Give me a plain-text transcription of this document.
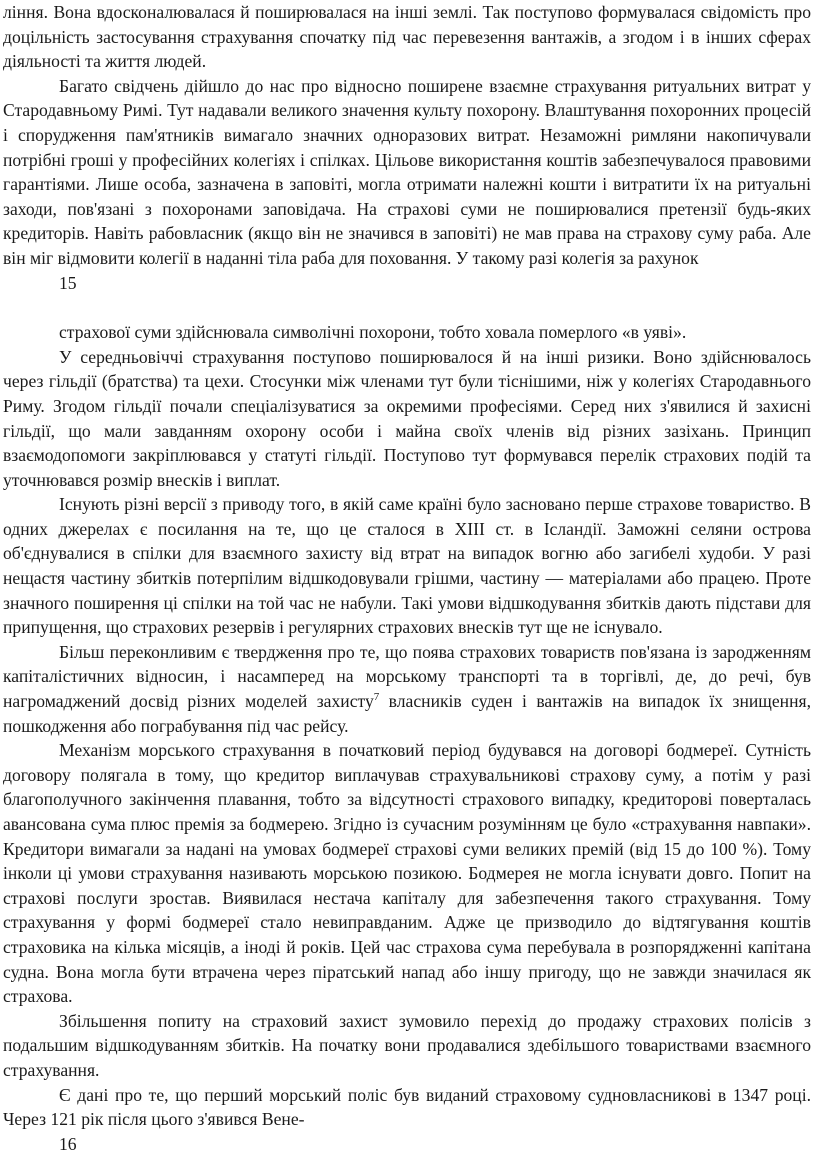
лiння. Вона вдосконалювалася й поширювалася на iншi землi. Так поступово формувалася свiдомiсть про доцiльнiсть застосування страхування спочатку пiд час перевезення вантажiв, а згодом i в iнших сферах дiяльностi та життя людей.

Багато свiдчень дiйшло до нас про вiдносно поширене взаємне страхування ритуальних витрат у Стародавньому Римi. Тут надавали великого значення культу похорону. Влаштування похоронних процесiй i спорудження пам'ятникiв вимагало значних одноразових витрат. Незаможнi римляни накопичували потрiбнi грошi у професiйних колегiях i спiлках. Цiльове використання коштiв забезпечувалося правовими гарантiями. Лише особа, зазначена в заповiтi, могла отримати належнi кошти i витратити їх на ритуальнi заходи, пов'язанi з похоронами заповiдача. На страховi суми не поширювалися претензiї будь-яких кредиторiв. Навiть рабовласник (якщо вiн не значився в заповiтi) не мав права на страхову суму раба. Але вiн мiг вiдмовити колегiї в наданнi тiла раба для поховання. У такому разi колегiя за рахунок

15

страхової суми здiйснювала символiчнi похорони, тобто ховала померлого «в уявi».

У середньовiччi страхування поступово поширювалося й на iншi ризики. Воно здiйснювалось через гiльдiї (братства) та цехи. Стосунки мiж членами тут були тiснiшими, нiж у колегiях Стародавнього Риму. Згодом гiльдiї почали спецiалiзуватися за окремими професiями. Серед них з'явилися й захиснi гiльдiї, що мали завданням охорону особи i майна своїх членiв вiд рiзних зазiхань. Принцип взаємодопомоги закрiплювався у статутi гiльдiї. Поступово тут формувався перелiк страхових подiй та уточнювався розмiр внескiв i виплат.

Iснують рiзнi версiї з приводу того, в якiй саме країнi було засновано перше страхове товариство. В одних джерелах є посилання на те, що це сталося в XIII ст. в Iсландiї. Заможнi селяни острова об'єднувалися в спiлки для взаємного захисту вiд втрат на випадок вогню або загибелi худоби. У разi нещастя частину збиткiв потерпiлим вiдшкодовували грiшми, частину — матерiалами або працею. Проте значного поширення цi спiлки на той час не набули. Такi умови вiдшкодування збиткiв дають пiдстави для припущення, що страхових резервiв i регулярних страхових внескiв тут ще не iснувало.

Бiльш переконливим є твердження про те, що поява страхових товариств пов'язана iз зародженням капiталiстичних вiдносин, i насамперед на морському транспортi та в торгiвлi, де, до речi, був нагромаджений досвiд рiзних моделей захисту$^7$ власникiв суден i вантажiв на випадок їх знищення, пошкодження або пограбування пiд час рейсу.

Механiзм морського страхування в початковий перiод будувався на договорi бодмереї. Сутнiсть договору полягала в тому, що кредитор виплачував страхувальниковi страхову суму, а потiм у разi благополучного закiнчення плавання, тобто за вiдсутностi страхового випадку, кредиторовi поверталась авансована сума плюс премiя за бодмерею. Згiдно iз сучасним розумiнням це було «страхування навпаки». Кредитори вимагали за наданi на умовах бодмереї страховi суми великих премiй (вiд 15 до 100 %). Тому iнколи цi умови страхування називають морською позикою. Бодмерея не могла iснувати довго. Попит на страховi послуги зростав. Виявилася нестача капiталу для забезпечення такого страхування. Тому страхування у формi бодмереї стало невиправданим. Адже це призводило до вiдтягування коштiв страховика на кiлька мiсяцiв, а iнодi й рокiв. Цей час страхова сума перебувала в розпорядженнi капiтана судна. Вона могла бути втрачена через пiратський напад або iншу пригоду, що не завжди значилася як страхова.

Збiльшення попиту на страховий захист зумовило перехiд до продажу страхових полiсiв з подальшим вiдшкодуванням збиткiв. На початку вони продавалися здебiльшого товариствами взаємного страхування.

Є данi про те, що перший морський полiс був виданий страховому судновласниковi в 1347 роцi. Через 121 рiк пiсля цього з'явився Вене-

16
